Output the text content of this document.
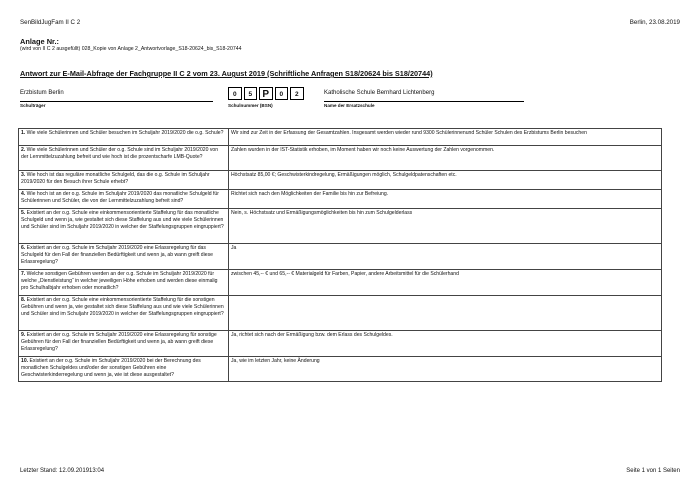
SenBildJugFam II C 2	Berlin, 23.08.2019
Anlage Nr.:
(wird von II C 2 ausgefüllt) 028_Kopie von Anlage 2_Antwortvorlage_S18-20624_bis_S18-20744
Antwort zur E-Mail-Abfrage der Fachgruppe II C 2 vom 23. August 2019 (Schriftliche Anfragen S18/20624 bis S18/20744)
Erzbistum Berlin
Schulträger
0	5	P	0	2
Schulnummer (BSN)
Katholische Schule Bernhard Lichtenberg
Name der Ersatzschule
1. Wie viele Schülerinnen und Schüler besuchen im Schuljahr 2019/2020 die o.g. Schule?	Wir sind zur Zeit in der Erfassung der Gesamtzahlen. Insgesamt werden wieder rund 9300 Schülerinnenund Schüler Schulen des Erzbistums Berlin besuchen
2. Wie viele Schülerinnen und Schüler der o.g. Schule sind im Schuljahr 2019/2020 von der Lernmittelzuzahlung befreit und wie hoch ist die prozentscharfe LMB-Quote?	Zahlen wurden in der IST-Statistik erhoben, im Moment haben wir noch keine Auswertung der Zahlen vorgenommen.
3. Wie hoch ist das reguläre monatliche Schulgeld, das die o.g. Schule im Schuljahr 2019/2020 für den Besuch ihrer Schule erhebt?	Höchstsatz 85,00 €; Geschwisterkindregelung, Ermäßigungen möglich, Schulgeldpatenschaften etc.
4. Wie hoch ist an der o.g. Schule im Schuljahr 2019/2020 das monatliche Schulgeld für Schülerinnen und Schüler, die von der Lernmittelzuzahlung befreit sind?	Richtet sich nach den Möglichkeiten der Familie bis hin zur Befreiung.
5. Existiert an der o.g. Schule eine einkommensorientierte Staffelung für das monatliche Schulgeld und wenn ja, wie gestaltet sich diese Staffelung aus und wie viele Schülerinnen und Schüler sind im Schuljahr 2019/2020 in welcher der Staffelungsgruppen eingruppiert?	Nein, s. Höchstsatz und Ermäßigungsmöglichkeiten bis hin zum Schulgelderlass
6. Existiert an der o.g. Schule im Schuljahr 2019/2020 eine Erlassregelung für das Schulgeld für den Fall der finanziellen Bedürftigkeit und wenn ja, ab wann greift diese Erlassregelung?	Ja
7. Welche sonstigen Gebühren werden an der o.g. Schule im Schuljahr 2019/2020 für welche „Dienstleistung“ in welcher jeweiligen Höhe erhoben und werden diese einmalig pro Schulhalbjahr erhoben oder monatlich?	zwischen 45,-- € und 65,-- € Materialgeld für Farben, Papier, andere Arbeitsmittel für die Schülerhand
8. Existiert an der o.g. Schule eine einkommensorientierte Staffelung für die sonstigen Gebühren und wenn ja, wie gestaltet sich diese Staffelung aus und wie viele Schülerinnen und Schüler sind im Schuljahr 2019/2020 in welcher der Staffelungsgruppen eingruppiert?	
9. Existiert an der o.g. Schule im Schuljahr 2019/2020 eine Erlassregelung für sonstige Gebühren für den Fall der finanziellen Bedürftigkeit und wenn ja, ab wann greift diese Erlassregelung?	Ja, richtet sich nach der Ermäßigung bzw. dem Erlass des Schulgeldes.
10. Existiert an der o.g. Schule im Schuljahr 2019/2020 bei der Berechnung des monatlichen Schulgeldes und/oder der sonstigen Gebühren eine Geschwisterkinderregelung und wenn ja, wie ist diese ausgestaltet?	Ja, wie im letzten Jahr, keine Änderung
Letzter Stand: 12.09.201913:04	Seite 1 von 1 Seiten
